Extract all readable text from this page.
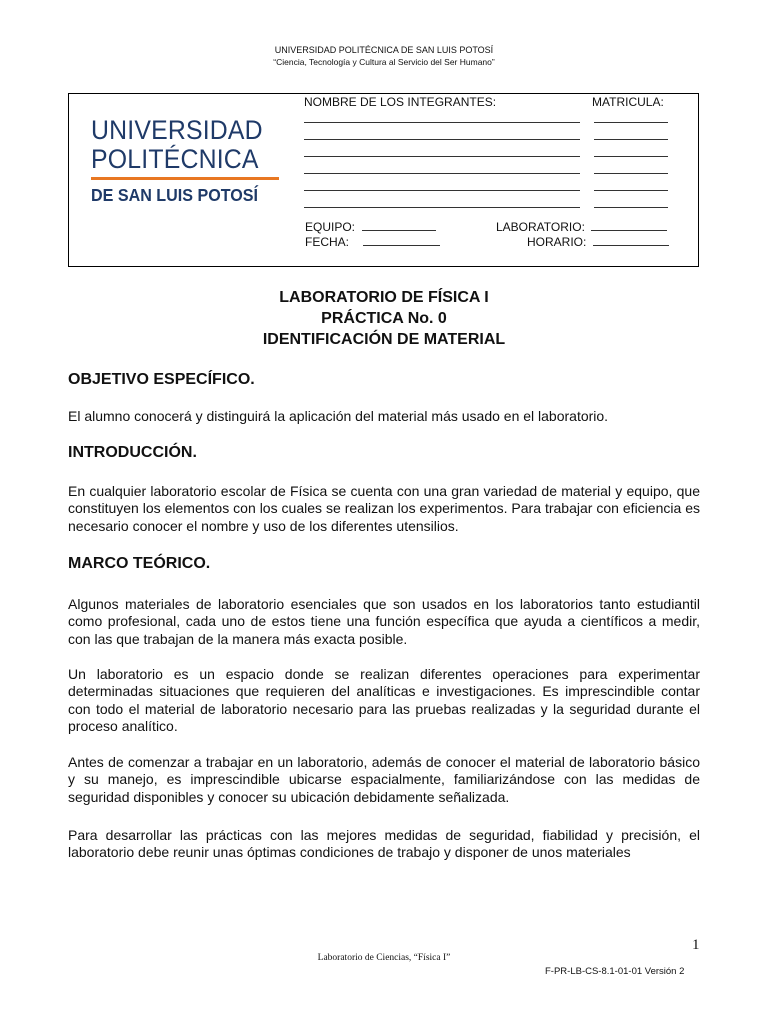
UNIVERSIDAD POLITÉCNICA DE SAN LUIS POTOSÍ
“Ciencia, Tecnología y Cultura al Servicio del Ser Humano”
UNIVERSIDAD
POLITÉCNICA
DE SAN LUIS POTOSÍ
NOMBRE DE LOS INTEGRANTES:	MATRICULA:
EQUIPO:
FECHA:
LABORATORIO:
HORARIO:
LABORATORIO DE FÍSICA I
PRÁCTICA No. 0
IDENTIFICACIÓN DE MATERIAL
OBJETIVO ESPECÍFICO.
El alumno conocerá y distinguirá la aplicación del material más usado en el laboratorio.
INTRODUCCIÓN.
En cualquier laboratorio escolar de Física se cuenta con una gran variedad de material y equipo, que constituyen los elementos con los cuales se realizan los experimentos. Para trabajar con eficiencia es necesario conocer el nombre y uso de los diferentes utensilios.
MARCO TEÓRICO.
Algunos materiales de laboratorio esenciales que son usados en los laboratorios tanto estudiantil como profesional, cada uno de estos tiene una función específica que ayuda a científicos a medir, con las que trabajan de la manera más exacta posible.
Un laboratorio es un espacio donde se realizan diferentes operaciones para experimentar determinadas situaciones que requieren del analíticas e investigaciones. Es imprescindible contar con todo el material de laboratorio necesario para las pruebas realizadas y la seguridad durante el proceso analítico.
Antes de comenzar a trabajar en un laboratorio, además de conocer el material de laboratorio básico y su manejo, es imprescindible ubicarse espacialmente, familiarizándose con las medidas de seguridad disponibles y conocer su ubicación debidamente señalizada.
Para desarrollar las prácticas con las mejores medidas de seguridad, fiabilidad y precisión, el laboratorio debe reunir unas óptimas condiciones de trabajo y disponer de unos materiales
1
Laboratorio de Ciencias, “Física I”
F-PR-LB-CS-8.1-01-01 Versión 2
